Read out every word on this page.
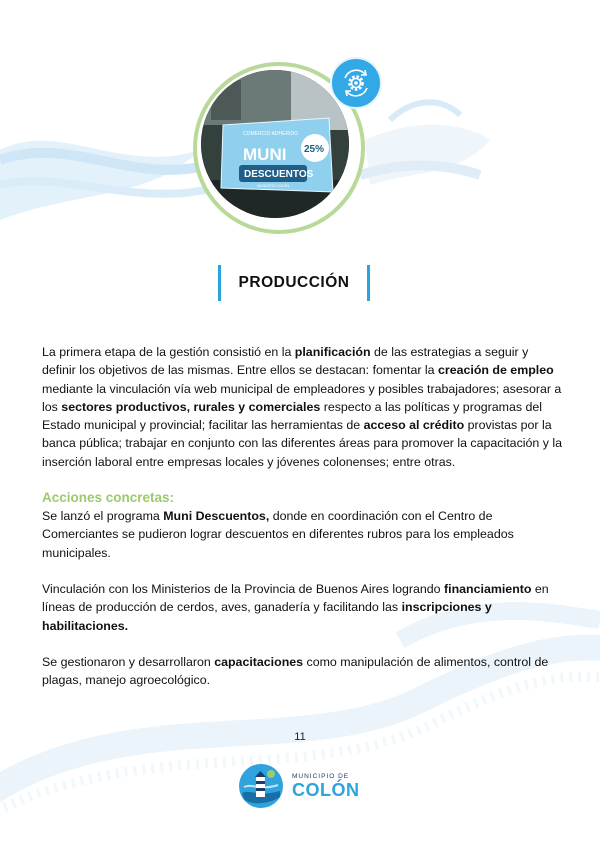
COMERCIO ADHERIDO
MUNI
DESCUENTOS
25%
MUNICIPIO COLÓN
PRODUCCIÓN

La primera etapa de la gestión consistió en la planificación de las estrategias a seguir y definir los objetivos de las mismas. Entre ellos se destacan: fomentar la creación de empleo mediante la vinculación vía web municipal de empleadores y posibles trabajadores; asesorar a los sectores productivos, rurales y comerciales respecto a las políticas y programas del Estado municipal y provincial; facilitar las herramientas de acceso al crédito provistas por la banca pública; trabajar en conjunto con las diferentes áreas para promover la capacitación y la inserción laboral entre empresas locales y jóvenes colonenses; entre otras.

Acciones concretas:

Se lanzó el programa Muni Descuentos, donde en coordinación con el Centro de Comerciantes se pudieron lograr descuentos en diferentes rubros para los empleados municipales.

Vinculación con los Ministerios de la Provincia de Buenos Aires logrando financiamiento en líneas de producción de cerdos, aves, ganadería y facilitando las inscripciones y habilitaciones.

Se gestionaron y desarrollaron capacitaciones como manipulación de alimentos, control de plagas, manejo agroecológico.

11
MUNICIPIO DE
COLÓN
